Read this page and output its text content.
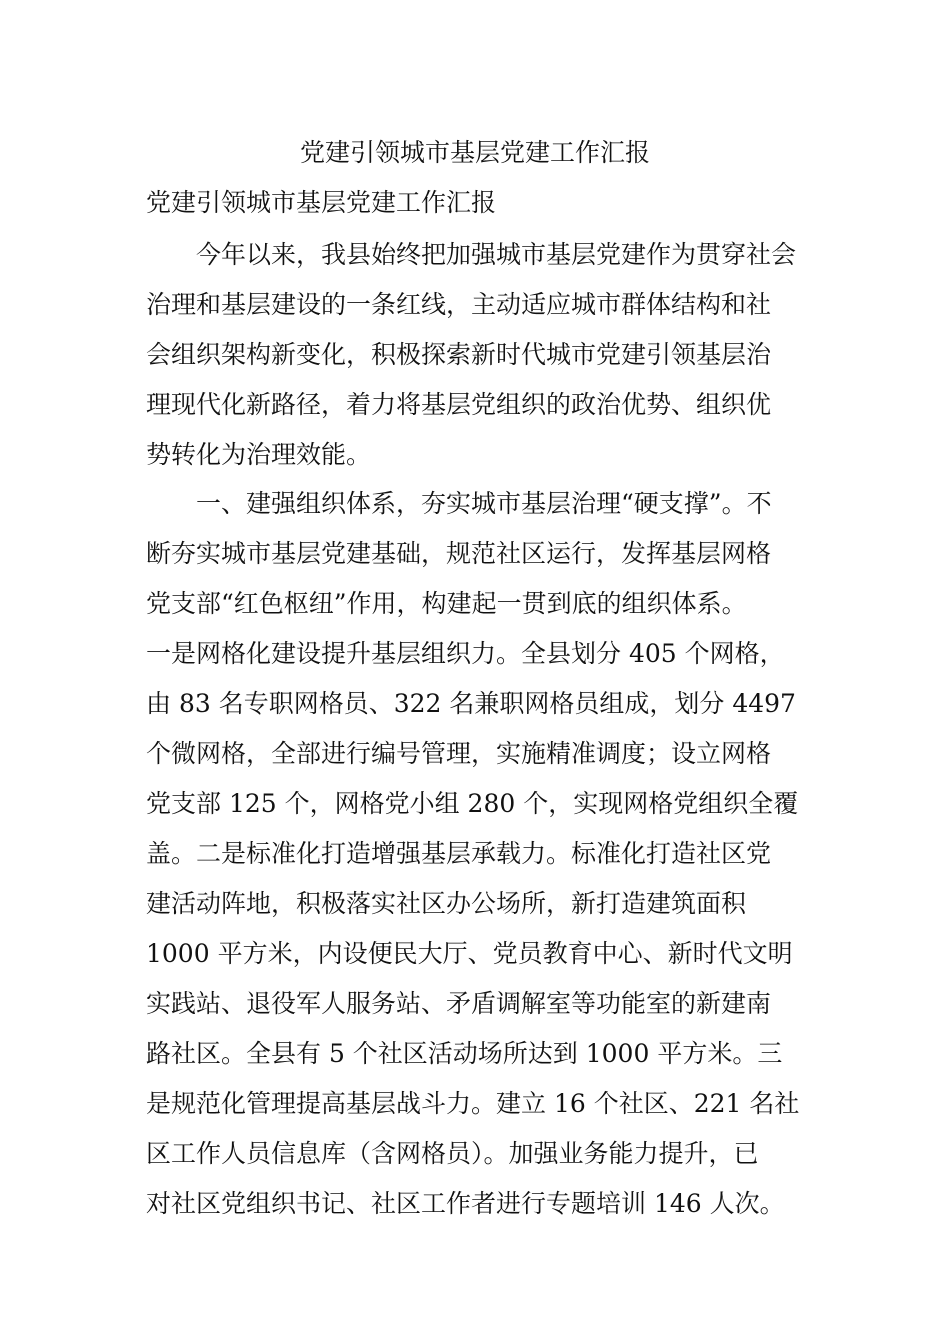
党建引领城市基层党建工作汇报
党建引领城市基层党建工作汇报

今年以来，我县始终把加强城市基层党建作为贯穿社会

治理和基层建设的一条红线，主动适应城市群体结构和社

会组织架构新变化，积极探索新时代城市党建引领基层治

理现代化新路径，着力将基层党组织的政治优势、组织优

势转化为治理效能。

一、建强组织体系，夯实城市基层治理“硬支撑”。不

断夯实城市基层党建基础，规范社区运行，发挥基层网格

党支部“红色枢纽”作用，构建起一贯到底的组织体系。

一是网格化建设提升基层组织力。全县划分 405 个网格，

由 83 名专职网格员、322 名兼职网格员组成，划分 4497

个微网格，全部进行编号管理，实施精准调度；设立网格

党支部 125 个，网格党小组 280 个，实现网格党组织全覆

盖。二是标准化打造增强基层承载力。标准化打造社区党

建活动阵地，积极落实社区办公场所，新打造建筑面积

1000 平方米，内设便民大厅、党员教育中心、新时代文明

实践站、退役军人服务站、矛盾调解室等功能室的新建南

路社区。全县有 5 个社区活动场所达到 1000 平方米。三

是规范化管理提高基层战斗力。建立 16 个社区、221 名社

区工作人员信息库（含网格员）。加强业务能力提升，已

对社区党组织书记、社区工作者进行专题培训 146 人次。
